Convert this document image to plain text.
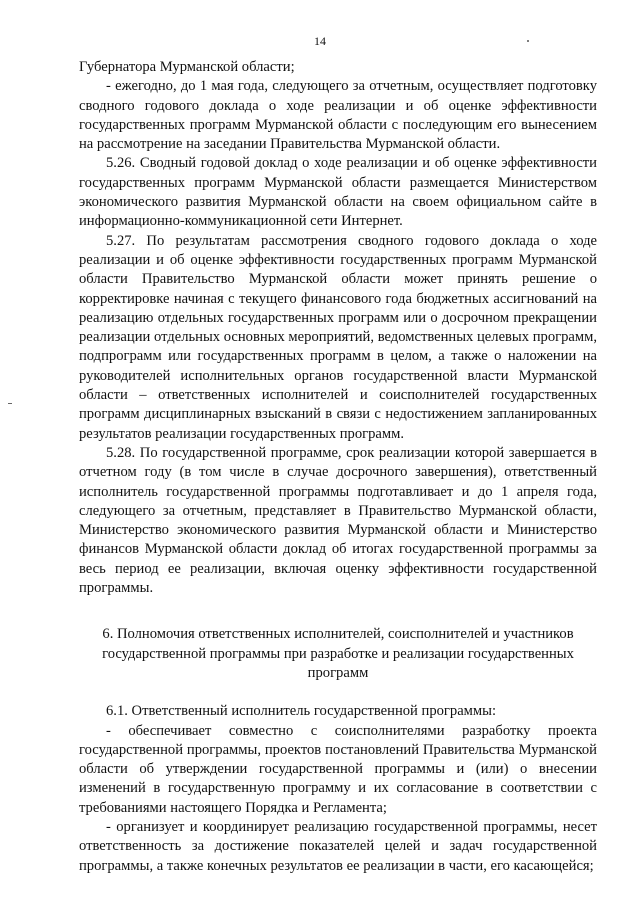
14

Губернатора Мурманской области;

- ежегодно, до 1 мая года, следующего за отчетным, осуществляет подготовку сводного годового доклада о ходе реализации и об оценке эффективности государственных программ Мурманской области с последующим его вынесением на рассмотрение на заседании Правительства Мурманской области.

5.26. Сводный годовой доклад о ходе реализации и об оценке эффективности государственных программ Мурманской области размещается Министерством экономического развития Мурманской области на своем официальном сайте в информационно-коммуникационной сети Интернет.

5.27. По результатам рассмотрения сводного годового доклада о ходе реализации и об оценке эффективности государственных программ Мурманской области Правительство Мурманской области может принять решение о корректировке начиная с текущего финансового года бюджетных ассигнований на реализацию отдельных государственных программ или о досрочном прекращении реализации отдельных основных мероприятий, ведомственных целевых программ, подпрограмм или государственных программ в целом, а также о наложении на руководителей исполнительных органов государственной власти Мурманской области – ответственных исполнителей и соисполнителей государственных программ дисциплинарных взысканий в связи с недостижением запланированных результатов реализации государственных программ.

5.28. По государственной программе, срок реализации которой завершается в отчетном году (в том числе в случае досрочного завершения), ответственный исполнитель государственной программы подготавливает и до 1 апреля года, следующего за отчетным, представляет в Правительство Мурманской области, Министерство экономического развития Мурманской области и Министерство финансов Мурманской области доклад об итогах государственной программы за весь период ее реализации, включая оценку эффективности государственной программы.

6. Полномочия ответственных исполнителей, соисполнителей и участников государственной программы при разработке и реализации государственных программ

6.1. Ответственный исполнитель государственной программы:

- обеспечивает совместно с соисполнителями разработку проекта государственной программы, проектов постановлений Правительства Мурманской области об утверждении государственной программы и (или) о внесении изменений в государственную программу и их согласование в соответствии с требованиями настоящего Порядка и Регламента;

- организует и координирует реализацию государственной программы, несет ответственность за достижение показателей целей и задач государственной программы, а также конечных результатов ее реализации в части, его касающейся;
